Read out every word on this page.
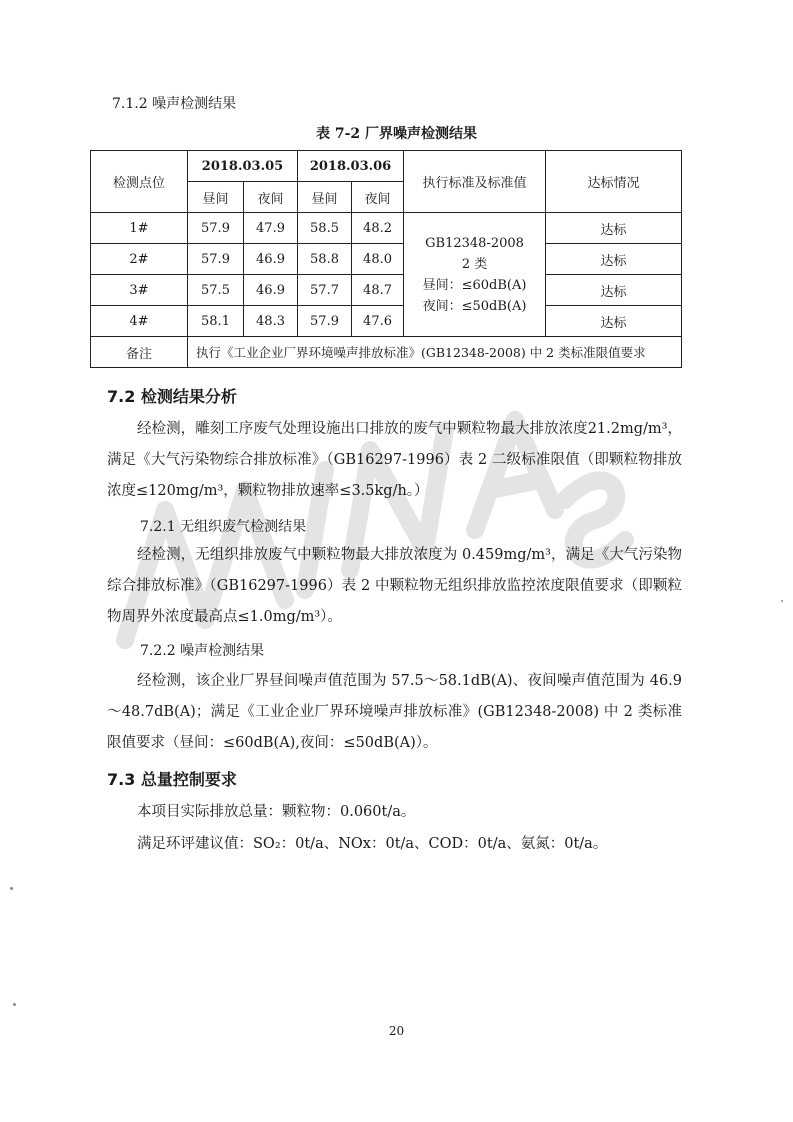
7.1.2 噪声检测结果
表 7-2 厂界噪声检测结果
检测点位	2018.03.05		2018.03.06		执行标准及标准值	达标情况
	昼间	夜间	昼间	夜间		
1#	57.9	47.9	58.5	48.2	GB12348-2008
2 类
昼间：≤60dB(A)
夜间：≤50dB(A)	达标
2#	57.9	46.9	58.8	48.0		达标
3#	57.5	46.9	57.7	48.7		达标
4#	58.1	48.3	57.9	47.6		达标
备注	执行《工业企业厂界环境噪声排放标准》(GB12348-2008) 中 2 类标准限值要求					
7.2 检测结果分析
经检测，雕刻工序废气处理设施出口排放的废气中颗粒物最大排放浓度21.2mg/m³，满足《大气污染物综合排放标准》（GB16297-1996）表 2 二级标准限值（即颗粒物排放浓度≤120mg/m³，颗粒物排放速率≤3.5kg/h。）
7.2.1 无组织废气检测结果
经检测，无组织排放废气中颗粒物最大排放浓度为 0.459mg/m³，满足《大气污染物综合排放标准》（GB16297-1996）表 2 中颗粒物无组织排放监控浓度限值要求（即颗粒物周界外浓度最高点≤1.0mg/m³）。
7.2.2 噪声检测结果
经检测，该企业厂界昼间噪声值范围为 57.5～58.1dB(A)、夜间噪声值范围为 46.9～48.7dB(A)；满足《工业企业厂界环境噪声排放标准》(GB12348-2008) 中 2 类标准限值要求（昼间：≤60dB(A),夜间：≤50dB(A)）。
7.3 总量控制要求
本项目实际排放总量：颗粒物：0.060t/a。
满足环评建议值：SO₂：0t/a、NOx：0t/a、COD：0t/a、氨氮：0t/a。
20
